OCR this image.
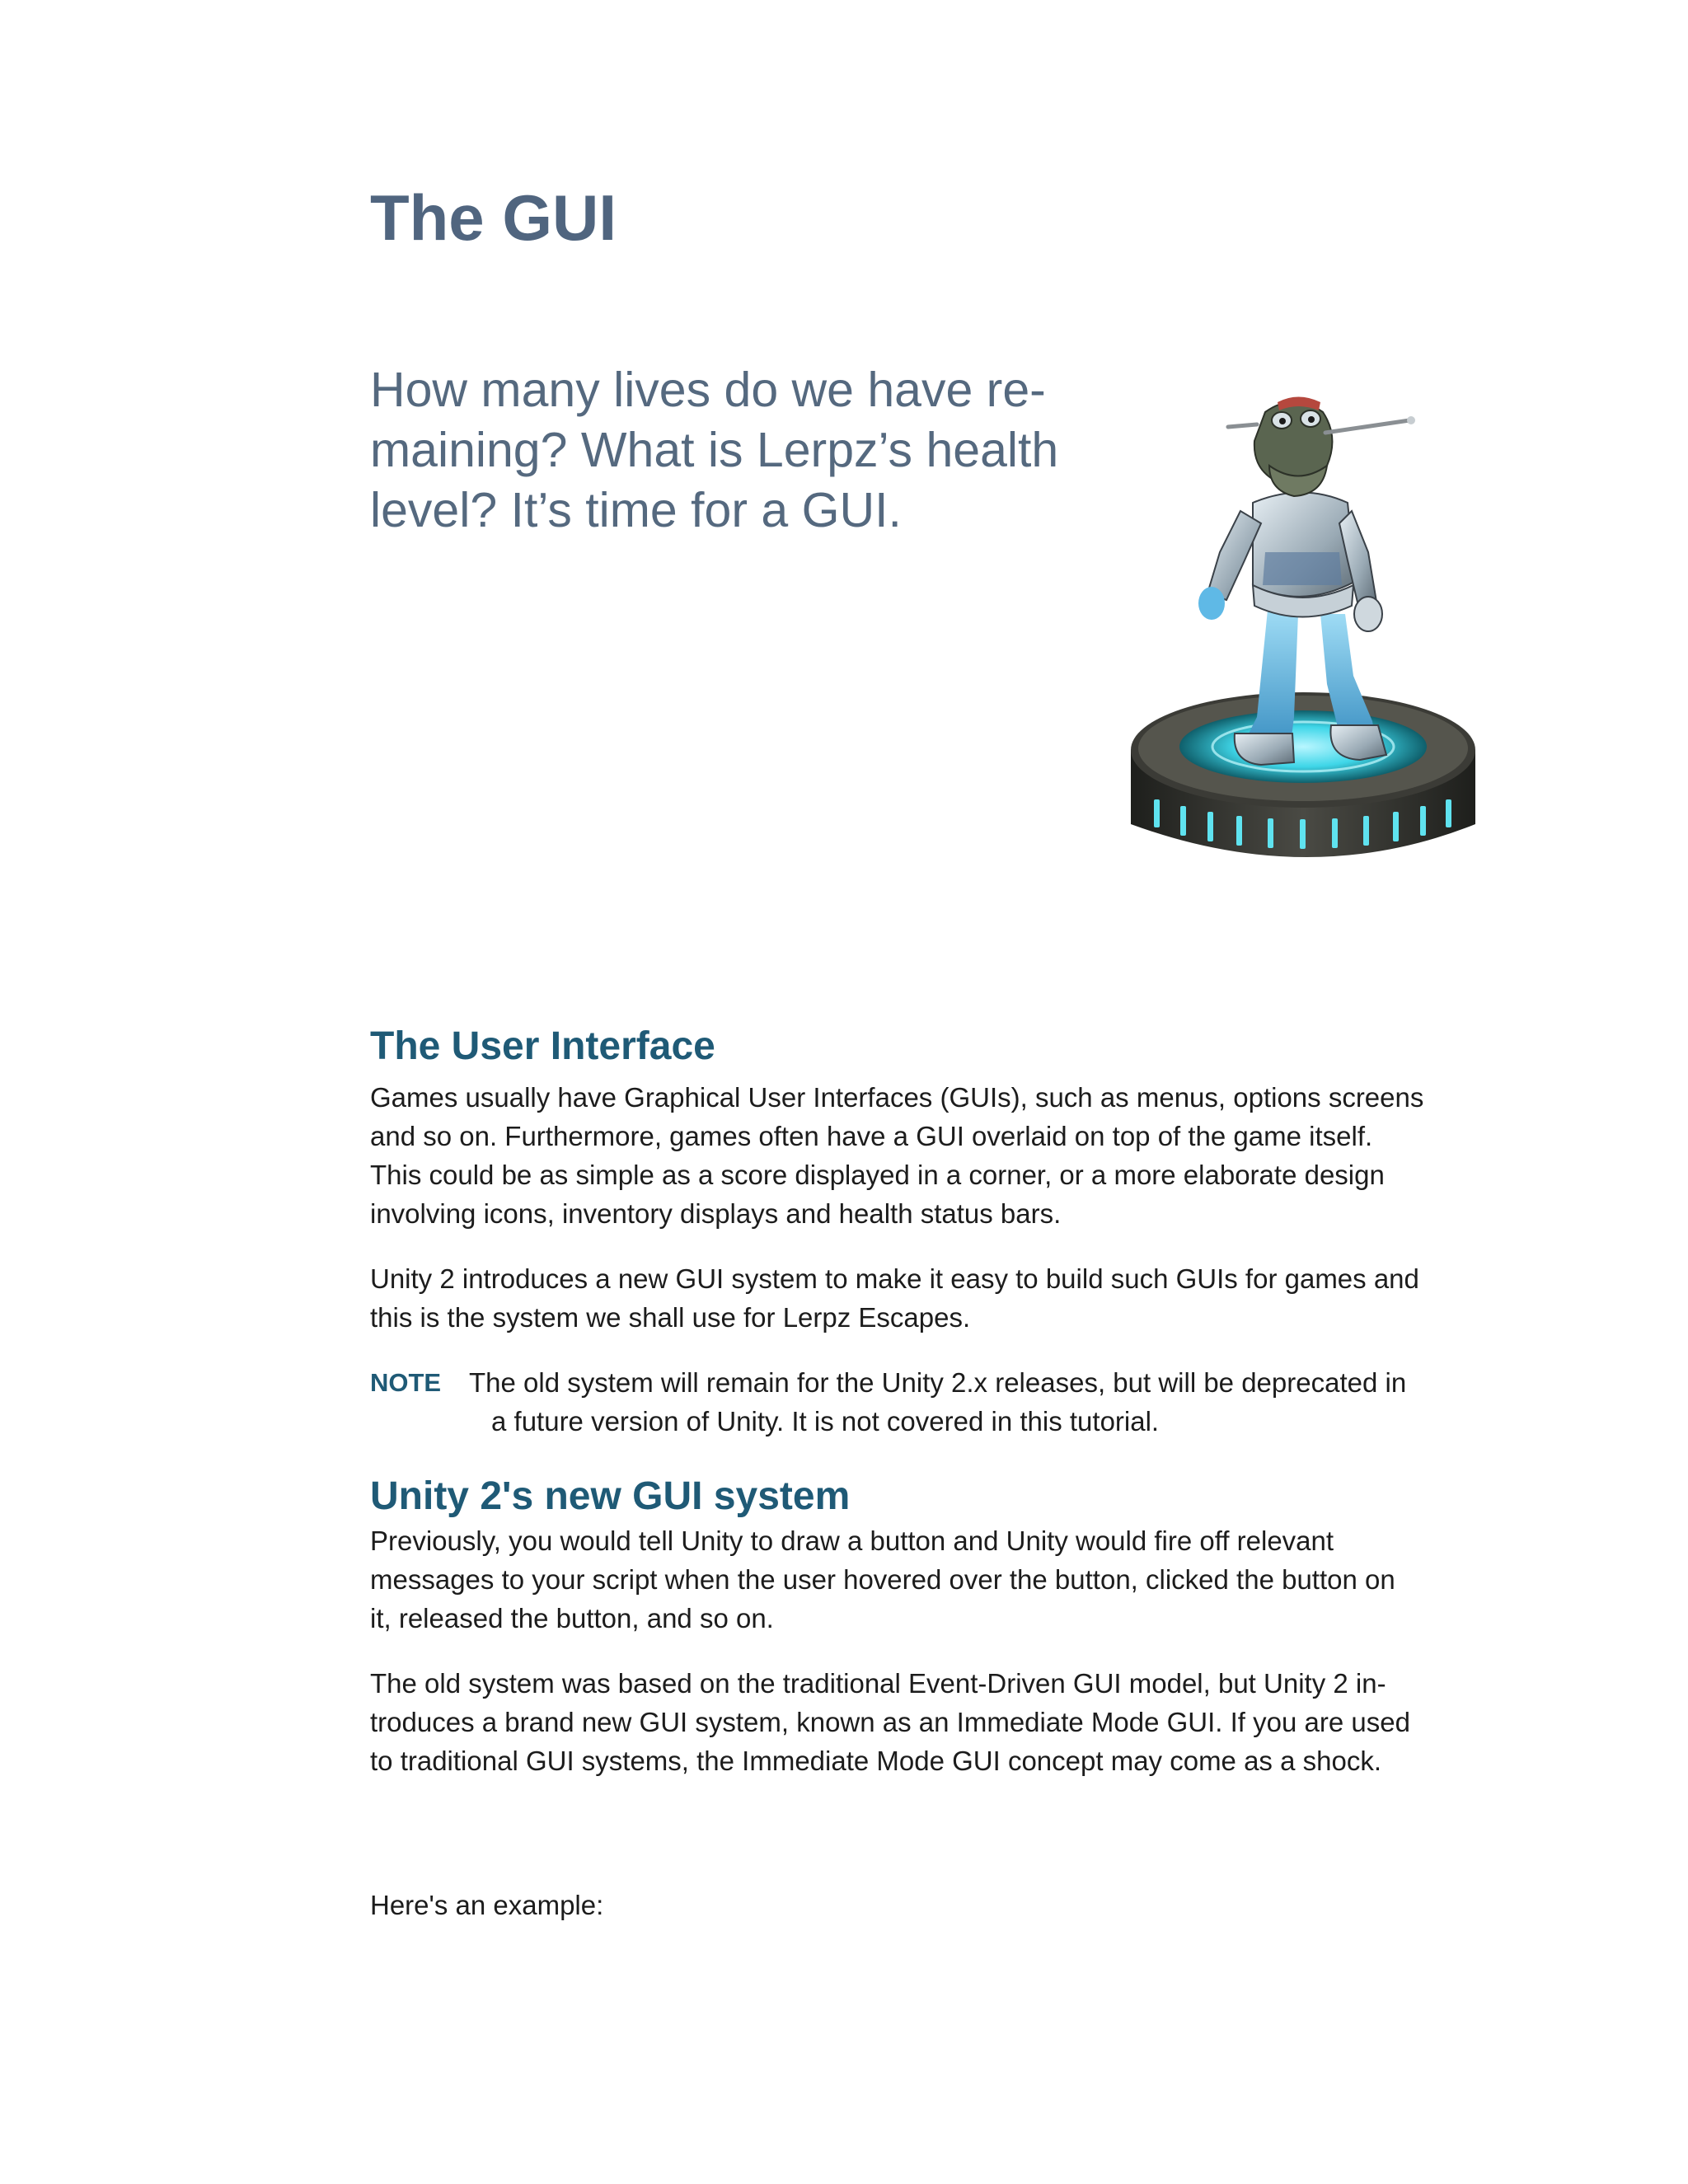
The GUI

How many lives do we have re-
maining? What is Lerpz’s health
level? It’s time for a GUI.

The User Interface

Games usually have Graphical User Interfaces (GUIs), such as menus, options screens
and so on. Furthermore, games often have a GUI overlaid on top of the game itself.
This could be as simple as a score displayed in a corner, or a more elaborate design
involving icons, inventory displays and health status bars.

Unity 2 introduces a new GUI system to make it easy to build such GUIs for games and
this is the system we shall use for Lerpz Escapes.

NOTE	The old system will remain for the Unity 2.x releases, but will be deprecated in
a future version of Unity. It is not covered in this tutorial.
Unity 2's new GUI system

Previously, you would tell Unity to draw a button and Unity would fire off relevant
messages to your script when the user hovered over the button, clicked the button on
it, released the button, and so on.

The old system was based on the traditional Event-Driven GUI model, but Unity 2 in-
troduces a brand new GUI system, known as an Immediate Mode GUI. If you are used
to traditional GUI systems, the Immediate Mode GUI concept may come as a shock.

Here's an example:
